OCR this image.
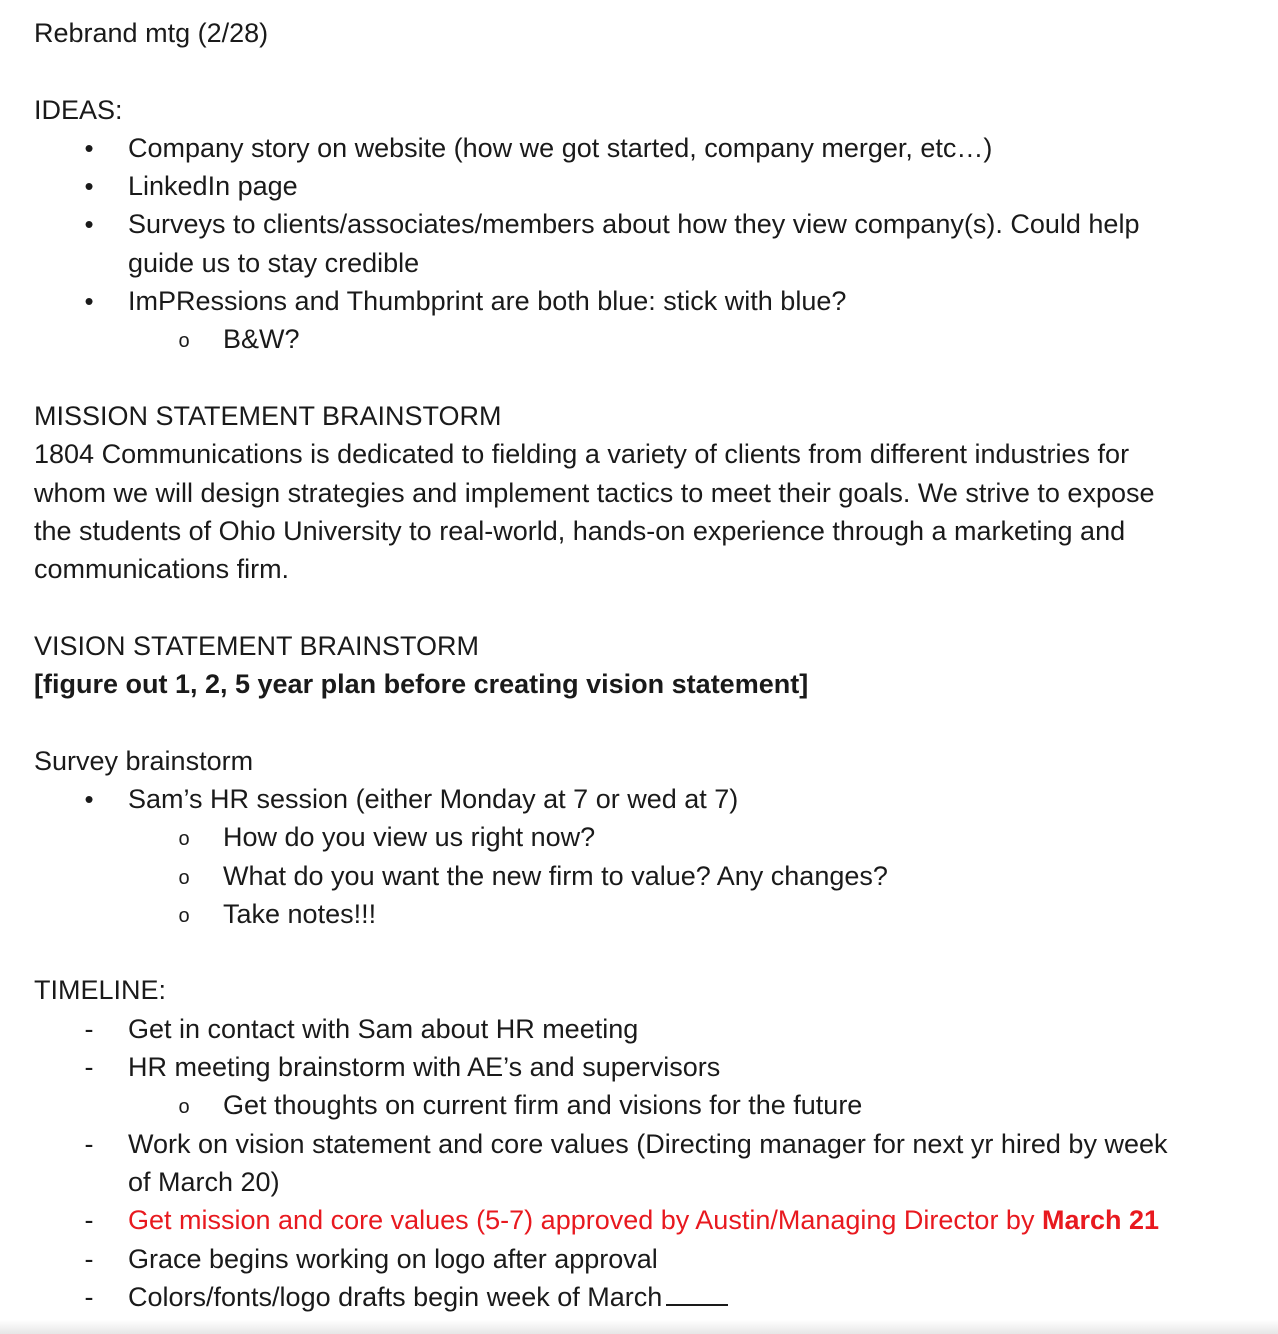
Rebrand mtg (2/28)
IDEAS:
• Company story on website (how we got started, company merger, etc…)
• LinkedIn page
• Surveys to clients/associates/members about how they view company(s). Could help
guide us to stay credible
• ImPRessions and Thumbprint are both blue: stick with blue?
o B&W?
MISSION STATEMENT BRAINSTORM
1804 Communications is dedicated to fielding a variety of clients from different industries for
whom we will design strategies and implement tactics to meet their goals. We strive to expose
the students of Ohio University to real-world, hands-on experience through a marketing and
communications firm.
VISION STATEMENT BRAINSTORM
[figure out 1, 2, 5 year plan before creating vision statement]
Survey brainstorm
• Sam’s HR session (either Monday at 7 or wed at 7)
o How do you view us right now?
o What do you want the new firm to value? Any changes?
o Take notes!!!
TIMELINE:
- Get in contact with Sam about HR meeting
- HR meeting brainstorm with AE’s and supervisors
o Get thoughts on current firm and visions for the future
- Work on vision statement and core values (Directing manager for next yr hired by week
of March 20)
- Get mission and core values (5-7) approved by Austin/Managing Director by March 21
- Grace begins working on logo after approval
- Colors/fonts/logo drafts begin week of March
